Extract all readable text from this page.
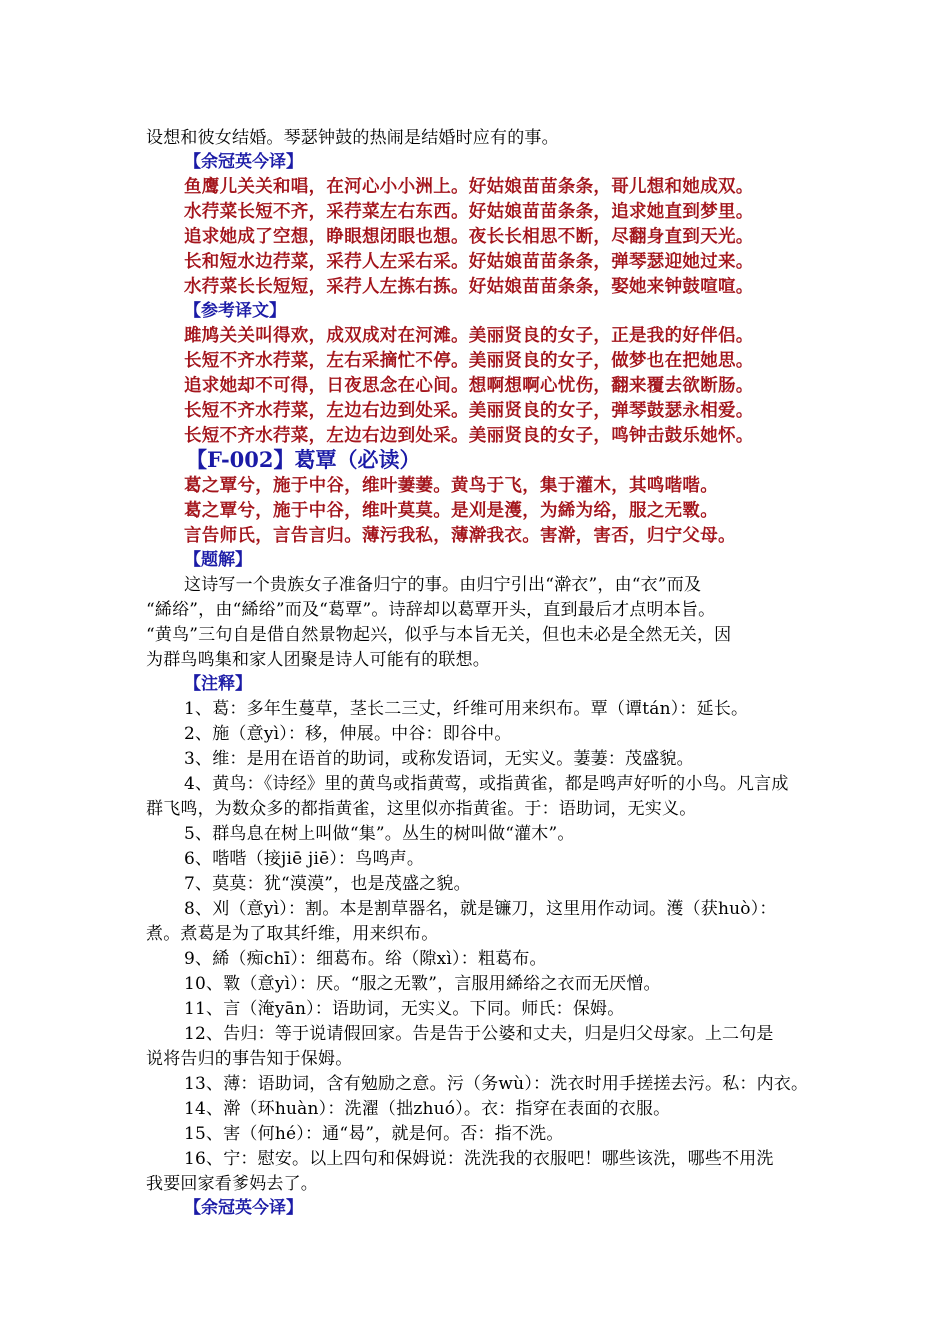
设想和彼女结婚。琴瑟钟鼓的热闹是结婚时应有的事。
【余冠英今译】
鱼鹰儿关关和唱，在河心小小洲上。好姑娘苗苗条条，哥儿想和她成双。
水荇菜长短不齐，采荇菜左右东西。好姑娘苗苗条条，追求她直到梦里。
追求她成了空想，睁眼想闭眼也想。夜长长相思不断，尽翻身直到天光。
长和短水边荇菜，采荇人左采右采。好姑娘苗苗条条，弹琴瑟迎她过来。
水荇菜长长短短，采荇人左拣右拣。好姑娘苗苗条条，娶她来钟鼓喧喧。
【参考译文】
雎鸠关关叫得欢，成双成对在河滩。美丽贤良的女子，正是我的好伴侣。
长短不齐水荇菜，左右采摘忙不停。美丽贤良的女子，做梦也在把她思。
追求她却不可得，日夜思念在心间。想啊想啊心忧伤，翻来覆去欲断肠。
长短不齐水荇菜，左边右边到处采。美丽贤良的女子，弹琴鼓瑟永相爱。
长短不齐水荇菜，左边右边到处采。美丽贤良的女子，鸣钟击鼓乐她怀。
【F-002】葛覃（必读）
葛之覃兮，施于中谷，维叶萋萋。黄鸟于飞，集于灌木，其鸣喈喈。
葛之覃兮，施于中谷，维叶莫莫。是刈是濩，为絺为绤，服之无斁。
言告师氏，言告言归。薄污我私，薄澣我衣。害澣，害否，归宁父母。
【题解】
这诗写一个贵族女子准备归宁的事。由归宁引出“澣衣”，由“衣”而及
“絺绤”，由“絺绤”而及“葛覃”。诗辞却以葛覃开头，直到最后才点明本旨。
“黄鸟”三句自是借自然景物起兴，似乎与本旨无关，但也未必是全然无关，因
为群鸟鸣集和家人团聚是诗人可能有的联想。
【注释】
1、葛：多年生蔓草，茎长二三丈，纤维可用来织布。覃（谭tán）：延长。
2、施（意yì）：移，伸展。中谷：即谷中。
3、维：是用在语首的助词，或称发语词，无实义。萋萋：茂盛貌。
4、黄鸟：《诗经》里的黄鸟或指黄莺，或指黄雀，都是鸣声好听的小鸟。凡言成
群飞鸣，为数众多的都指黄雀，这里似亦指黄雀。于：语助词，无实义。
5、群鸟息在树上叫做“集”。丛生的树叫做“灌木”。
6、喈喈（接jiē jiē）：鸟鸣声。
7、莫莫：犹“漠漠”，也是茂盛之貌。
8、刈（意yì）：割。本是割草器名，就是镰刀，这里用作动词。濩（获huò）：
煮。煮葛是为了取其纤维，用来织布。
9、絺（痴chī）：细葛布。绤（隙xì）：粗葛布。
10、斁（意yì）：厌。“服之无斁”，言服用絺绤之衣而无厌憎。
11、言（淹yān）：语助词，无实义。下同。师氏：保姆。
12、告归：等于说请假回家。告是告于公婆和丈夫，归是归父母家。上二句是
说将告归的事告知于保姆。
13、薄：语助词，含有勉励之意。污（务wù）：洗衣时用手搓搓去污。私：内衣。
14、澣（环huàn）：洗濯（拙zhuó）。衣：指穿在表面的衣服。
15、害（何hé）：通“曷”，就是何。否：指不洗。
16、宁：慰安。以上四句和保姆说：洗洗我的衣服吧！哪些该洗，哪些不用洗
我要回家看爹妈去了。
【余冠英今译】
